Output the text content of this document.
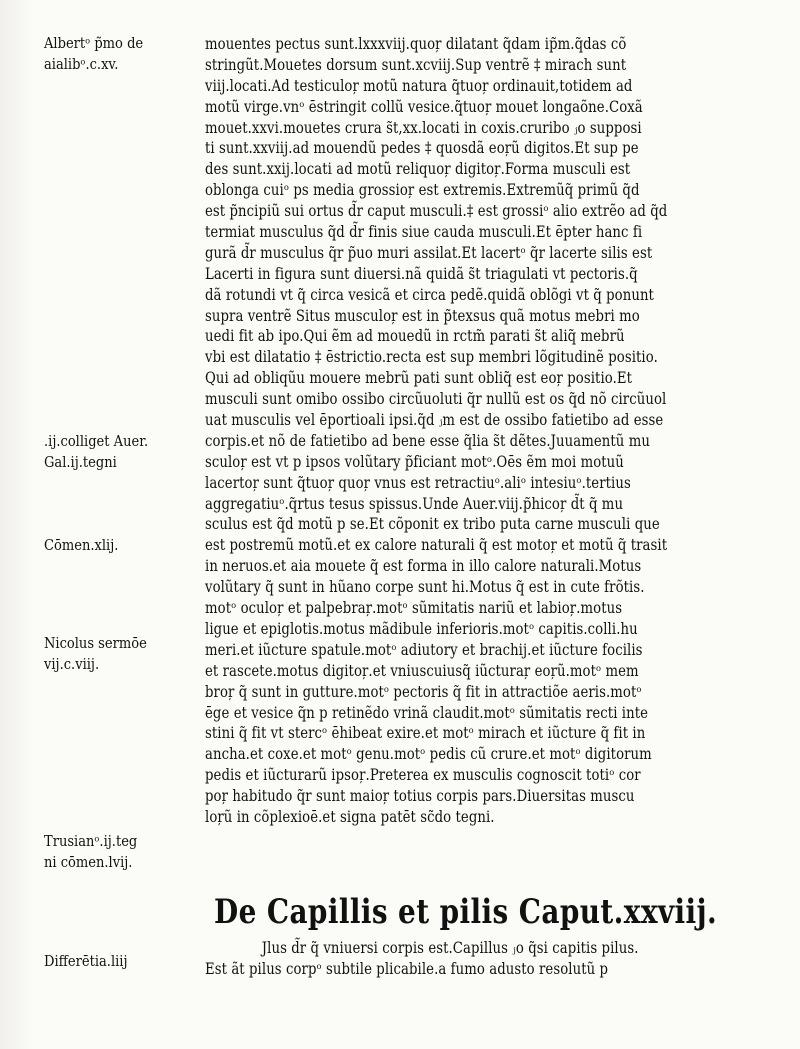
Albertᵒ p̃mo de
aialibᵒ.c.xv.
.ij.colliget Auer.
Gal.ij.tegni
Cōmen.xlij.
Nicolus sermōe
vij.c.viij.
Trusianᵒ.ij.teg
ni cōmen.lvij.
Differētia.liij
mouentes pectus sunt.lxxxviij.quoŗ dilatant q̃dam ip̃m.q̃das cõ
stringũt.Mouetes dorsum sunt.xcviij.Sup ventrẽ ‡ mirach sunt
viij.locati.Ad testiculoŗ motũ natura q̃tuoŗ ordinauit,totidem ad
motũ virge.vnᵒ ēstringit collũ vesice.q̃tuoŗ mouet longaõne.Coxã
mouet.xxvi.mouetes crura s̃t,xx.locati in coxis.cruribo ⱼo supposi
ti sunt.xxviij.ad mouendũ pedes ‡ quosdã eoŗũ digitos.Et sup pe
des sunt.xxij.locati ad motũ reliquoŗ digitoŗ.Forma musculi est
oblonga cuiᵒ ps media grossioŗ est extremis.Extremũq̃ primũ q̃d
est p̃ncipiũ sui ortus d̃r caput musculi.‡ est grossiᵒ alio extrẽo ad q̃d
termiat musculus q̃d d̃r finis siue cauda musculi.Et ēpter hanc fi
gurã d̃r musculus q̃r p̃uo muri assilat.Et lacertᵒ q̃r lacerte silis est
Lacerti in figura sunt diuersi.nã quidã s̃t triagulati vt pectoris.q̃
dã rotundi vt q̃ circa vesicã et circa pedẽ.quidã oblõgi vt q̃ ponunt
supra ventrẽ Situs musculoŗ est in p̃texsus quã motus mebri mo
uedi fit ab ipo.Qui ẽm ad mouedũ in rctm̃ parati s̃t aliq̃ mebrũ
vbi est dilatatio ‡ ēstrictio.recta est sup membri lõgitudinẽ positio.
Qui ad obliqũu mouere mebrũ pati sunt obliq̃ est eoŗ positio.Et
musculi sunt omibo ossibo circũuoluti q̃r nullũ est os q̃d nõ circũuol
uat musculis vel ēportioali ipsi.q̃d ⱼm est de ossibo fatietibo ad esse
corpis.et nõ de fatietibo ad bene esse q̃lia s̃t dẽtes.Juuamentũ mu
sculoŗ est vt p ipsos volũtary p̃ficiant motᵒ.Oēs ẽm moi motuũ
lacertoŗ sunt q̃tuoŗ quoŗ vnus est retractiuᵒ.aliᵒ intesiuᵒ.tertius
aggregatiuᵒ.q̃rtus tesus spissus.Unde Auer.viij.p̃hicoŗ d̃t q̃ mu
sculus est q̃d motũ p se.Et cõponit ex tribo puta carne musculi que
est postremũ motũ.et ex calore naturali q̃ est motoŗ et motũ q̃ trasit
in neruos.et aia mouete q̃ est forma in illo calore naturali.Motus
volũtary q̃ sunt in hũano corpe sunt hi.Motus q̃ est in cute frõtis.
motᵒ oculoŗ et palpebraŗ.motᵒ sũmitatis nariũ et labioŗ.motus
ligue et epiglotis.motus mãdibule inferioris.motᵒ capitis.colli.hu
meri.et iũcture spatule.motᵒ adiutory et brachij.et iũcture focilis
et rascete.motus digitoŗ.et vniuscuiusq̃ iũcturaŗ eoŗũ.motᵒ mem
broŗ q̃ sunt in gutture.motᵒ pectoris q̃ fit in attractiõe aeris.motᵒ
ēge et vesice q̃n p retinẽdo vrinã claudit.motᵒ sũmitatis recti inte
stini q̃ fit vt stercᵒ ēhibeat exire.et motᵒ mirach et iũcture q̃ fit in
ancha.et coxe.et motᵒ genu.motᵒ pedis cũ crure.et motᵒ digitorum
pedis et iũcturarũ ipsoŗ.Preterea ex musculis cognoscit totiᵒ cor
poŗ habitudo q̃r sunt maioŗ totius corpis pars.Diuersitas muscu
loŗũ in cõplexioē.et signa patēt sc̃do tegni.
De Capillis et pilis Caput.xxviij.
Jlus d̃r q̃ vniuersi corpis est.Capillus ⱼo q̃si capitis pilus.
Est ãt pilus corpᵒ subtile plicabile.a fumo adusto resolutũ p
